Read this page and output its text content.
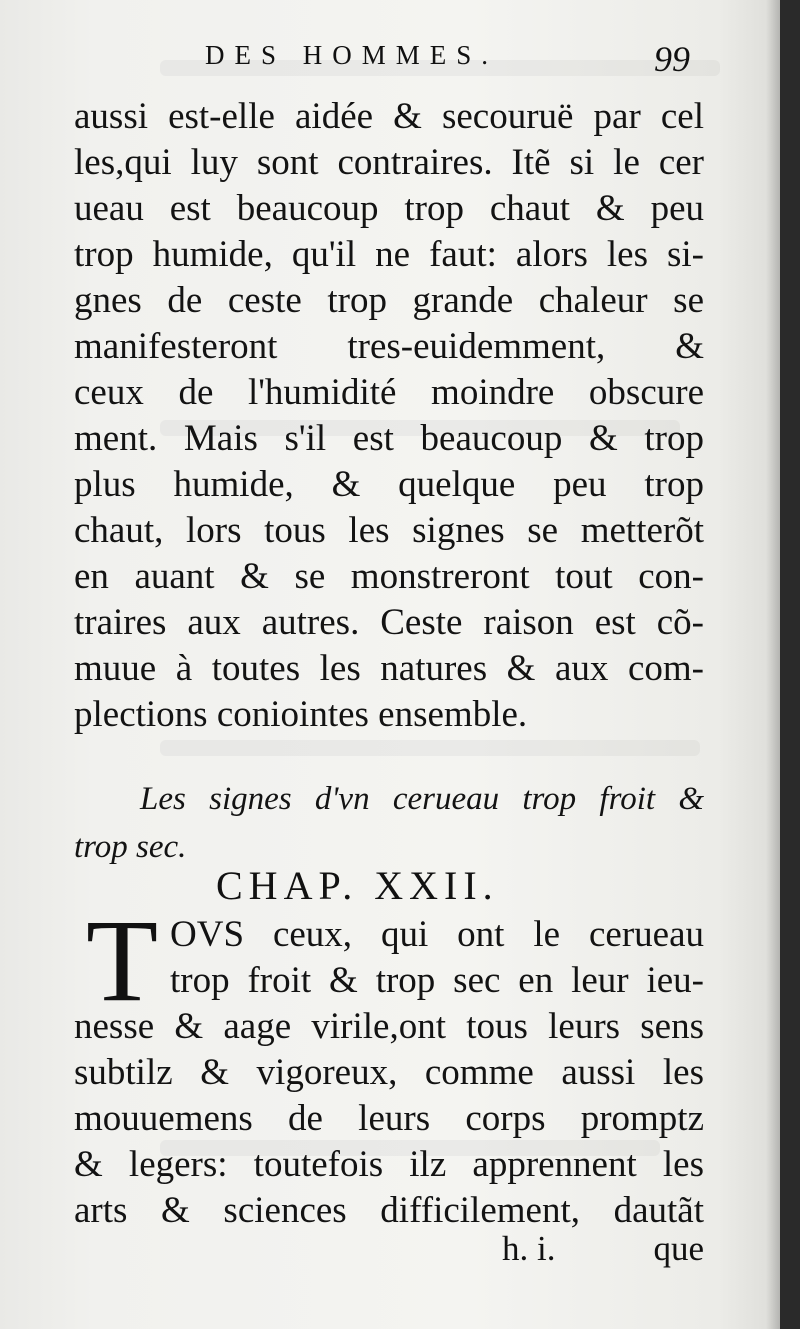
DES HOMMES.	99
aussi est-elle aidée & secouruë par cel
les,qui luy sont contraires. Itẽ si le cer
ueau est beaucoup trop chaut & peu
trop humide, qu'il ne faut: alors les si-
gnes de ceste trop grande chaleur se
manifesteront tres-euidemment, &
ceux de l'humidité moindre obscure
ment. Mais s'il est beaucoup & trop
plus humide, & quelque peu trop
chaut, lors tous les signes se metterõt
en auant & se monstreront tout con-
traires aux autres. Ceste raison est cõ-
muue à toutes les natures & aux com-
plections coniointes ensemble.
Les signes d'vn cerueau trop froit &
trop sec.
CHAP. XXII.
T OVS ceux, qui ont le cerueau
trop froit & trop sec en leur ieu-
nesse & aage virile,ont tous leurs sens
subtilz & vigoreux, comme aussi les
mouuemens de leurs corps promptz
& legers: toutefois ilz apprennent les
arts & sciences difficilement, dautãt
h. i.	que
